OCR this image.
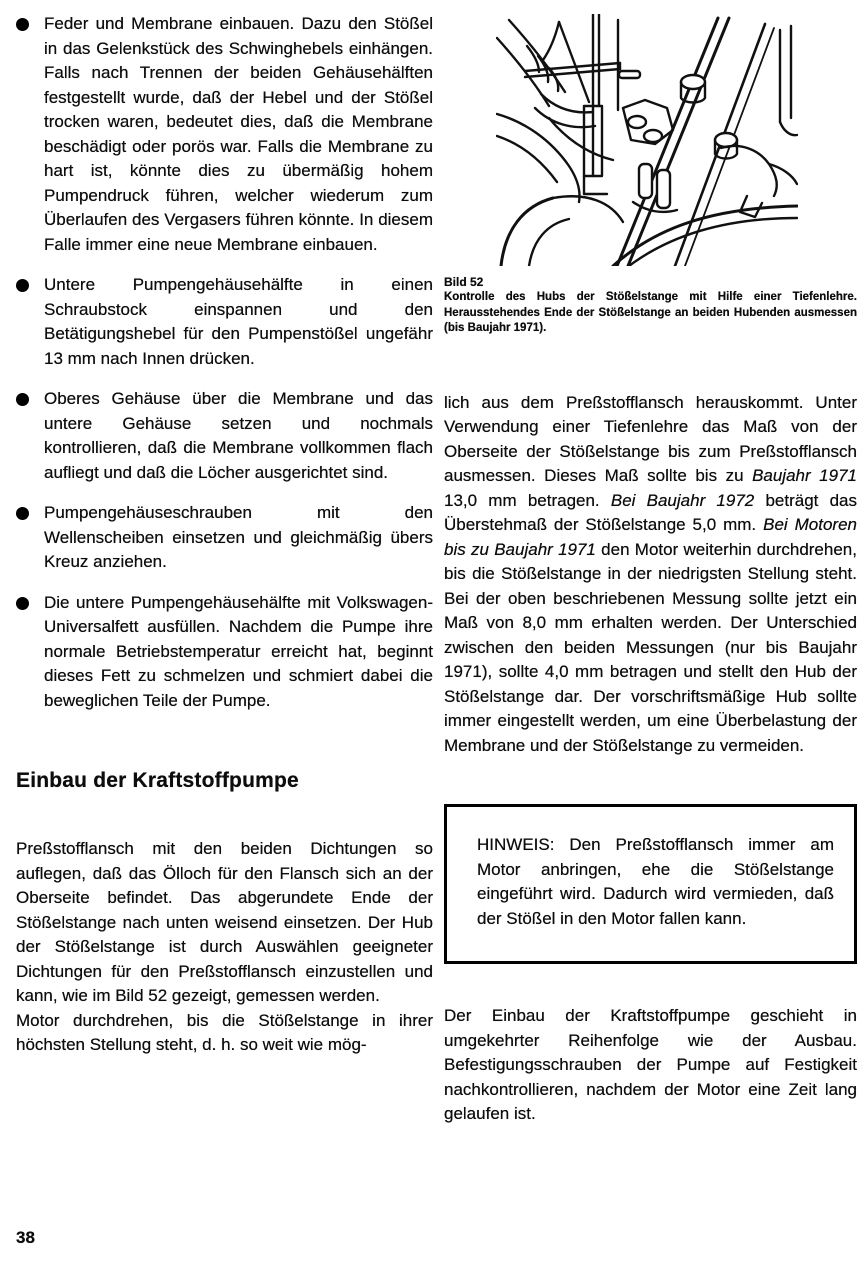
Feder und Membrane einbauen. Dazu den Stößel in das Gelenkstück des Schwinghebels einhängen. Falls nach Trennen der beiden Gehäusehälften festgestellt wurde, daß der Hebel und der Stößel trocken waren, bedeutet dies, daß die Membrane beschädigt oder porös war. Falls die Membrane zu hart ist, könnte dies zu übermäßig hohem Pumpendruck führen, welcher wiederum zum Überlaufen des Vergasers führen könnte. In diesem Falle immer eine neue Membrane einbauen.
Untere Pumpengehäusehälfte in einen Schraubstock einspannen und den Betätigungshebel für den Pumpenstößel ungefähr 13 mm nach Innen drücken.
Oberes Gehäuse über die Membrane und das untere Gehäuse setzen und nochmals kontrollieren, daß die Membrane vollkommen flach aufliegt und daß die Löcher ausgerichtet sind.
Pumpengehäuseschrauben mit den Wellenscheiben einsetzen und gleichmäßig übers Kreuz anziehen.
Die untere Pumpengehäusehälfte mit Volkswagen-Universalfett ausfüllen. Nachdem die Pumpe ihre normale Betriebstemperatur erreicht hat, beginnt dieses Fett zu schmelzen und schmiert dabei die beweglichen Teile der Pumpe.
Einbau der Kraftstoffpumpe

Preßstofflansch mit den beiden Dichtungen so auflegen, daß das Ölloch für den Flansch sich an der Oberseite befindet. Das abgerundete Ende der Stößelstange nach unten weisend einsetzen. Der Hub der Stößelstange ist durch Auswählen geeigneter Dichtungen für den Preßstofflansch einzustellen und kann, wie im Bild 52 gezeigt, gemessen werden.

Motor durchdrehen, bis die Stößelstange in ihrer höchsten Stellung steht, d. h. so weit wie mög-

Bild 52
Kontrolle des Hubs der Stößelstange mit Hilfe einer Tiefenlehre. Herausstehendes Ende der Stößelstange an beiden Hubenden ausmessen (bis Baujahr 1971).

lich aus dem Preßstofflansch herauskommt. Unter Verwendung einer Tiefenlehre das Maß von der Oberseite der Stößelstange bis zum Preßstofflansch ausmessen. Dieses Maß sollte bis zu Baujahr 1971 13,0 mm betragen. Bei Baujahr 1972 beträgt das Überstehmaß der Stößelstange 5,0 mm. Bei Motoren bis zu Baujahr 1971 den Motor weiterhin durchdrehen, bis die Stößelstange in der niedrigsten Stellung steht. Bei der oben beschriebenen Messung sollte jetzt ein Maß von 8,0 mm erhalten werden. Der Unterschied zwischen den beiden Messungen (nur bis Baujahr 1971), sollte 4,0 mm betragen und stellt den Hub der Stößelstange dar. Der vorschriftsmäßige Hub sollte immer eingestellt werden, um eine Überbelastung der Membrane und der Stößelstange zu vermeiden.

HINWEIS: Den Preßstofflansch immer am Motor anbringen, ehe die Stößelstange eingeführt wird. Dadurch wird vermieden, daß der Stößel in den Motor fallen kann.

Der Einbau der Kraftstoffpumpe geschieht in umgekehrter Reihenfolge wie der Ausbau. Befestigungsschrauben der Pumpe auf Festigkeit nachkontrollieren, nachdem der Motor eine Zeit lang gelaufen ist.

38
